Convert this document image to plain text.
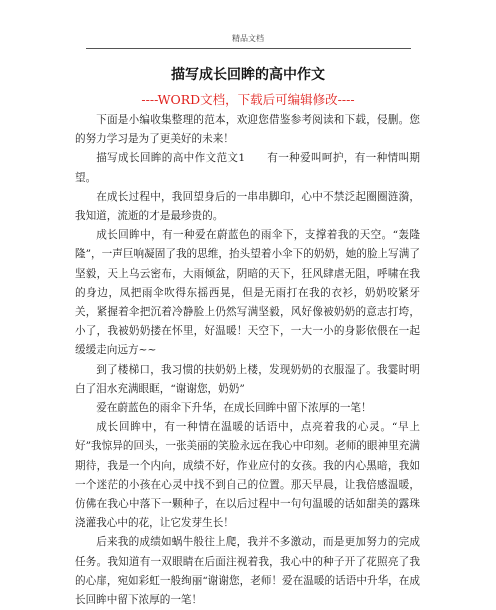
精品文档
描写成长回眸的高中作文
----WORD文档，下载后可编辑修改----

下面是小编收集整理的范本，欢迎您借鉴参考阅读和下载，侵删。您的努力学习是为了更美好的未来！

描写成长回眸的高中作文范文1　　有一种爱叫呵护，有一种情叫期望。

在成长过程中，我回望身后的一串串脚印，心中不禁泛起圈圈涟漪，我知道，流逝的才是最珍贵的。

成长回眸中，有一种爱在蔚蓝色的雨伞下，支撑着我的天空。“轰隆隆”，一声巨响凝固了我的思维，抬头望着小伞下的奶奶，她的脸上写满了坚毅，天上乌云密布，大雨倾盆，阴暗的天下，狂风肆虐无阻，呼啸在我的身边，凤把雨伞吹得东摇西晃，但是无雨打在我的衣衫，奶奶咬紧牙关，紧握着伞把沉着冷静脸上仍然写满坚毅，风好像被奶奶的意志打垮，小了，我被奶奶搂在怀里，好温暖！天空下，一大一小的身影依偎在一起缓缓走向远方~~

到了楼梯口，我习惯的扶奶奶上楼，发现奶奶的衣服湿了。我霎时明白了泪水充满眼眶，“谢谢您，奶奶”

爱在蔚蓝色的雨伞下升华，在成长回眸中留下浓厚的一笔！

成长回眸中，有一种情在温暖的话语中，点亮着我的心灵。“早上好”我惊异的回头，一张美丽的笑脸永远在我心中印刻。老师的眼神里充满期待，我是一个内向，成绩不好，作业应付的女孩。我的内心黑暗，我如一个迷茫的小孩在心灵中找不到自己的位置。那天早晨，让我倍感温暖，仿佛在我心中落下一颗种子，在以后过程中一句句温暖的话如甜美的露珠浇灌我心中的花，让它发芽生长！

后来我的成绩如蜗牛般往上爬，我并不多激动，而是更加努力的完成任务。我知道有一双眼睛在后面注视着我，我心中的种子开了花照亮了我的心扉，宛如彩虹一般绚丽“谢谢您，老师！爱在温暖的话语中升华，在成长回眸中留下浓厚的一笔！
